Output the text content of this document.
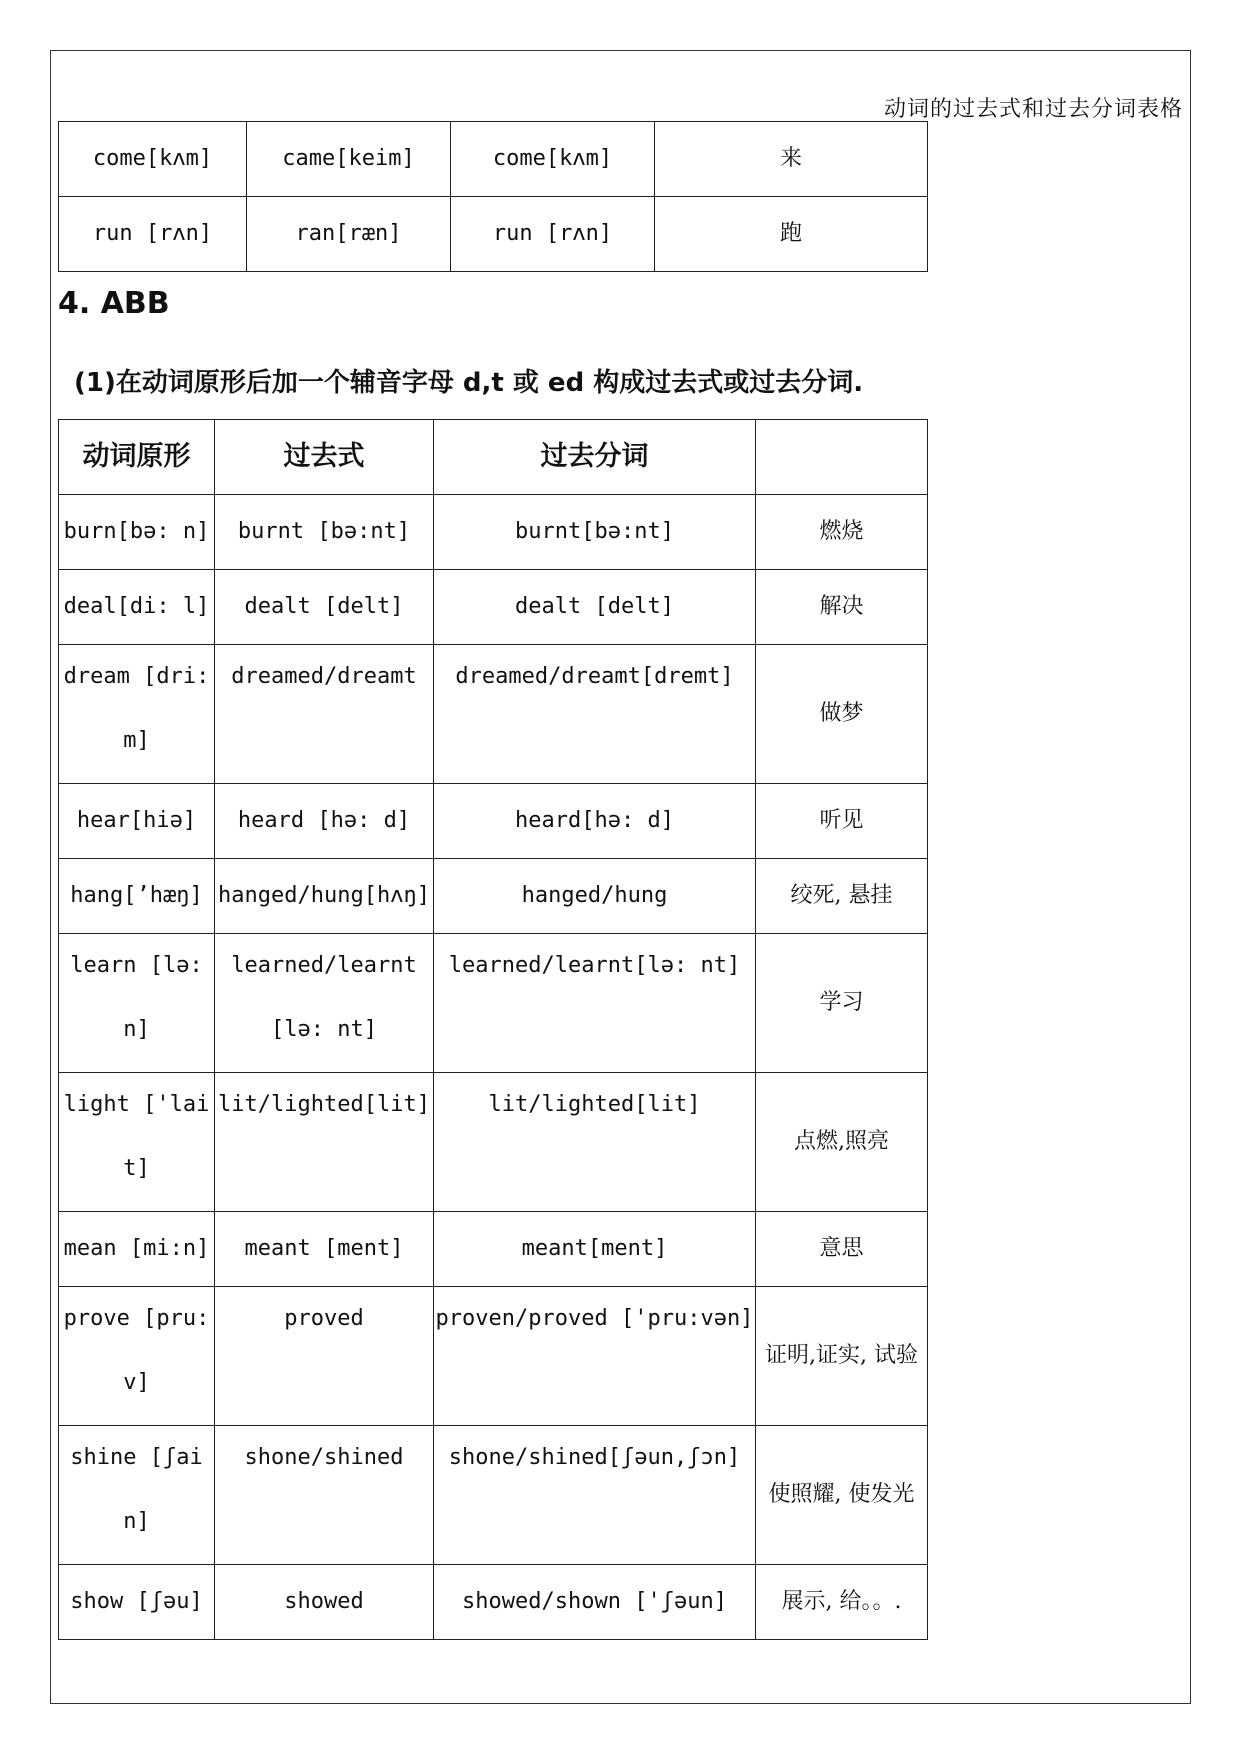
动词的过去式和过去分词表格
come[kʌm]	came[keim]	come[kʌm]	来
run [rʌn]	ran[ræn]	run [rʌn]	跑
4. ABB
(1)在动词原形后加一个辅音字母 d,t 或 ed 构成过去式或过去分词.
动词原形	过去式	过去分词	
burn[bə: n]	burnt [bə:nt]	burnt[bə:nt]	燃烧
deal[di: l]	dealt [delt]	dealt [delt]	解决
dream [dri: m]	dreamed/dreamt	dreamed/dreamt[dremt]	做梦
hear[hiə]	heard [hə: d]	heard[hə: d]	听见
hang[’hæŋ]	hanged/hung[hʌŋ]	hanged/hung	绞死, 悬挂
learn [lə: n]	learned/learnt [lə: nt]	learned/learnt[lə: nt]	学习
light ['lait]	lit/lighted[lit]	lit/lighted[lit]	点燃,照亮
mean [mi:n]	meant [ment]	meant[ment]	意思
prove [pru:v]	proved	proven/proved ['pru:vən]	证明,证实, 试验
shine [ʃain]	shone/shined	shone/shined[ʃəun,ʃɔn]	使照耀, 使发光
show [ʃəu]	showed	showed/shown ['ʃəun]	展示, 给。。.
